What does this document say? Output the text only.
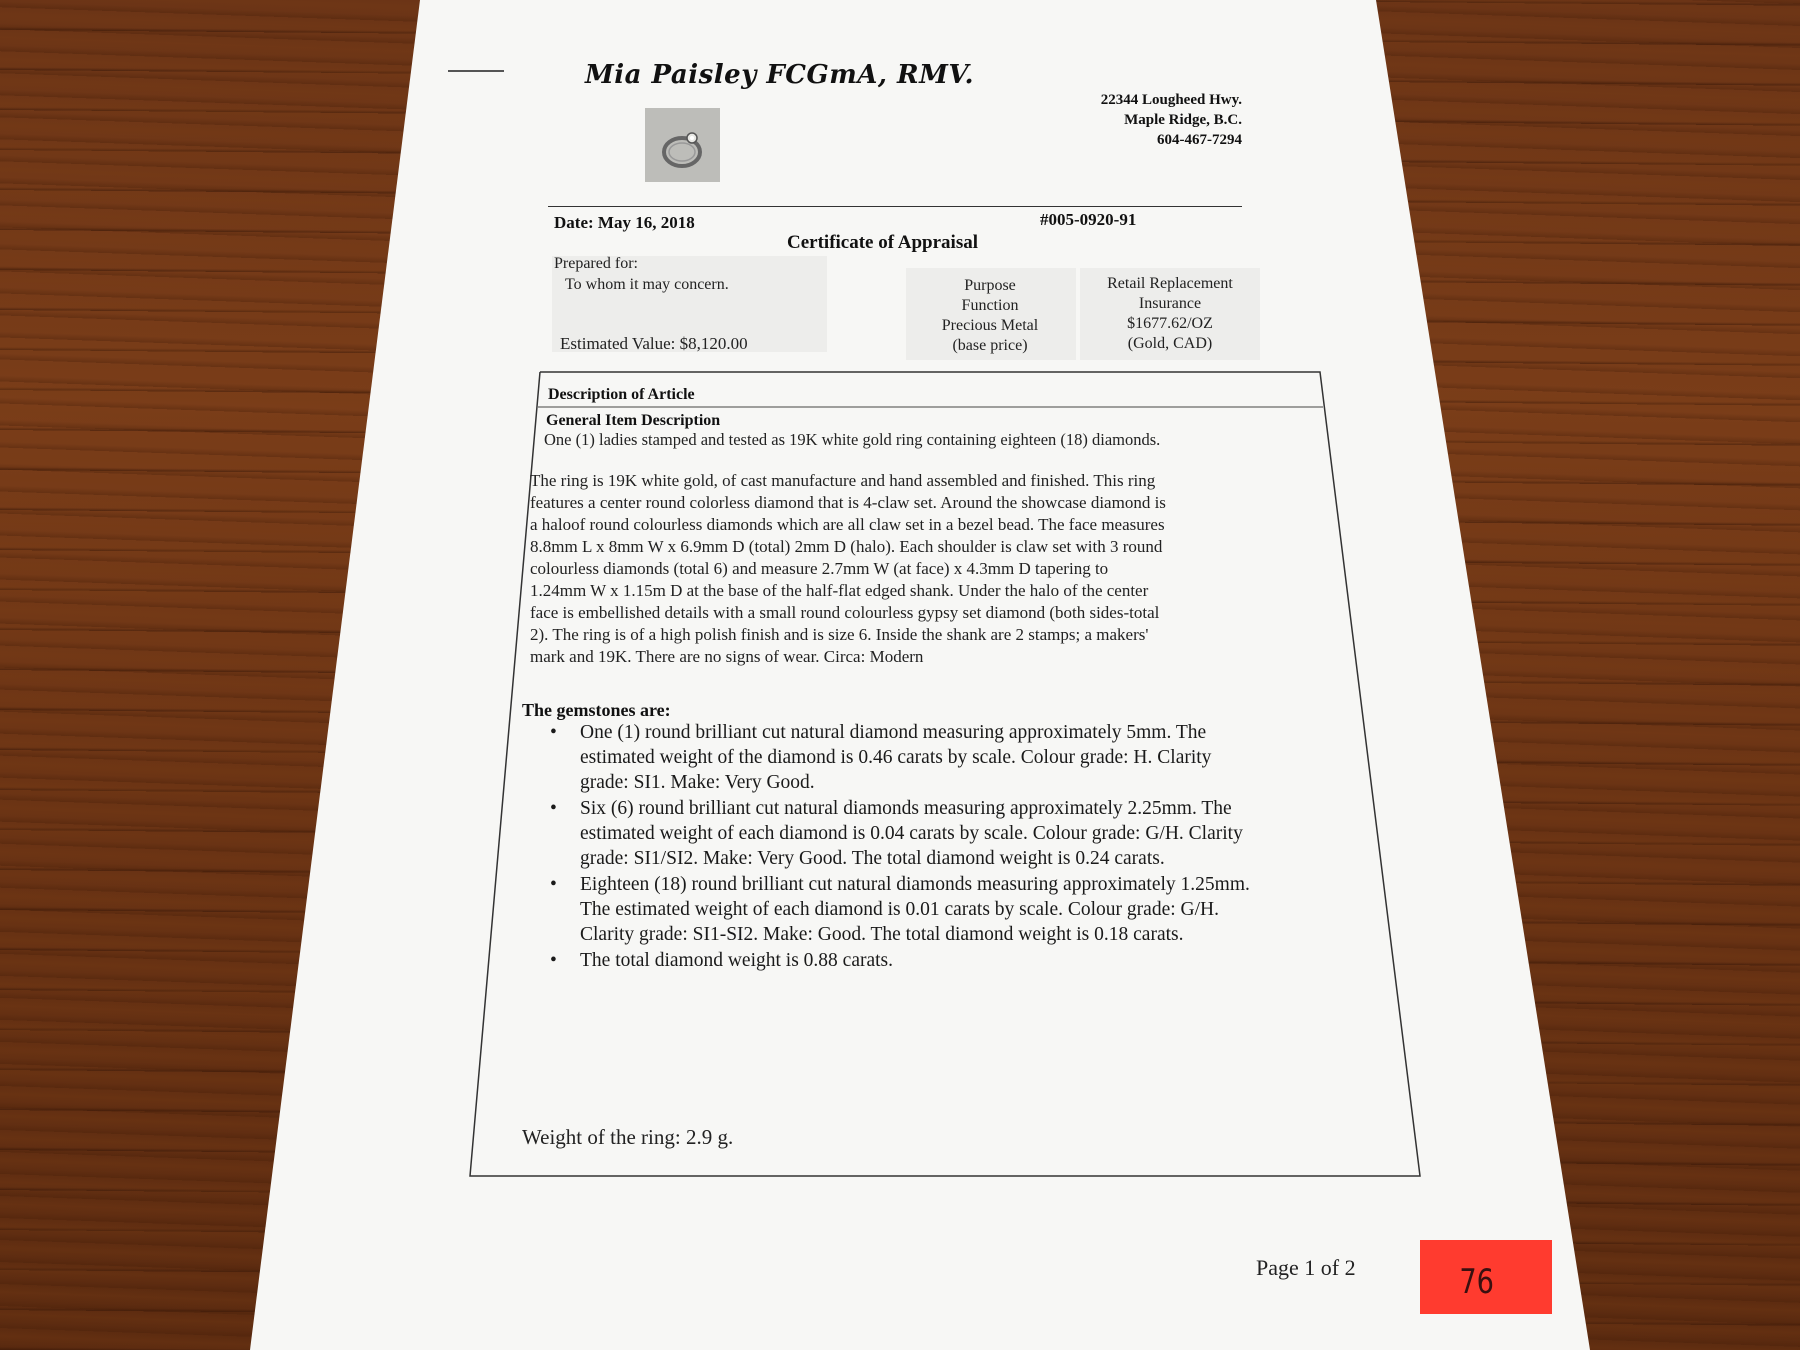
Mia Paisley FCGmA, RMV.
22344 Lougheed Hwy.
Maple Ridge, B.C.
604-467-7294
Date: May 16, 2018	#005-0920-91
Certificate of Appraisal
Prepared for:
To whom it may concern.
Estimated Value: $8,120.00
Purpose
Function
Precious Metal
(base price)
Retail Replacement
Insurance
$1677.62/OZ
(Gold, CAD)
Description of Article
General Item Description
One (1) ladies stamped and tested as 19K white gold ring containing eighteen (18) diamonds.
The ring is 19K white gold, of cast manufacture and hand assembled and finished. This ring
features a center round colorless diamond that is 4-claw set. Around the showcase diamond is
a haloof round colourless diamonds which are all claw set in a bezel bead. The face measures
8.8mm L x 8mm W x 6.9mm D (total) 2mm D (halo). Each shoulder is claw set with 3 round
colourless diamonds (total 6) and measure 2.7mm W (at face) x 4.3mm D tapering to
1.24mm W x 1.15m D at the base of the half-flat edged shank. Under the halo of the center
face is embellished details with a small round colourless gypsy set diamond (both sides-total
2). The ring is of a high polish finish and is size 6. Inside the shank are 2 stamps; a makers'
mark and 19K. There are no signs of wear. Circa: Modern
The gemstones are:
• One (1) round brilliant cut natural diamond measuring approximately 5mm. The
estimated weight of the diamond is 0.46 carats by scale. Colour grade: H. Clarity
grade: SI1. Make: Very Good.
• Six (6) round brilliant cut natural diamonds measuring approximately 2.25mm. The
estimated weight of each diamond is 0.04 carats by scale. Colour grade: G/H. Clarity
grade: SI1/SI2. Make: Very Good. The total diamond weight is 0.24 carats.
• Eighteen (18) round brilliant cut natural diamonds measuring approximately 1.25mm.
The estimated weight of each diamond is 0.01 carats by scale. Colour grade: G/H.
Clarity grade: SI1-SI2. Make: Good. The total diamond weight is 0.18 carats.
• The total diamond weight is 0.88 carats.
Weight of the ring: 2.9 g.
Page 1 of 2	76
